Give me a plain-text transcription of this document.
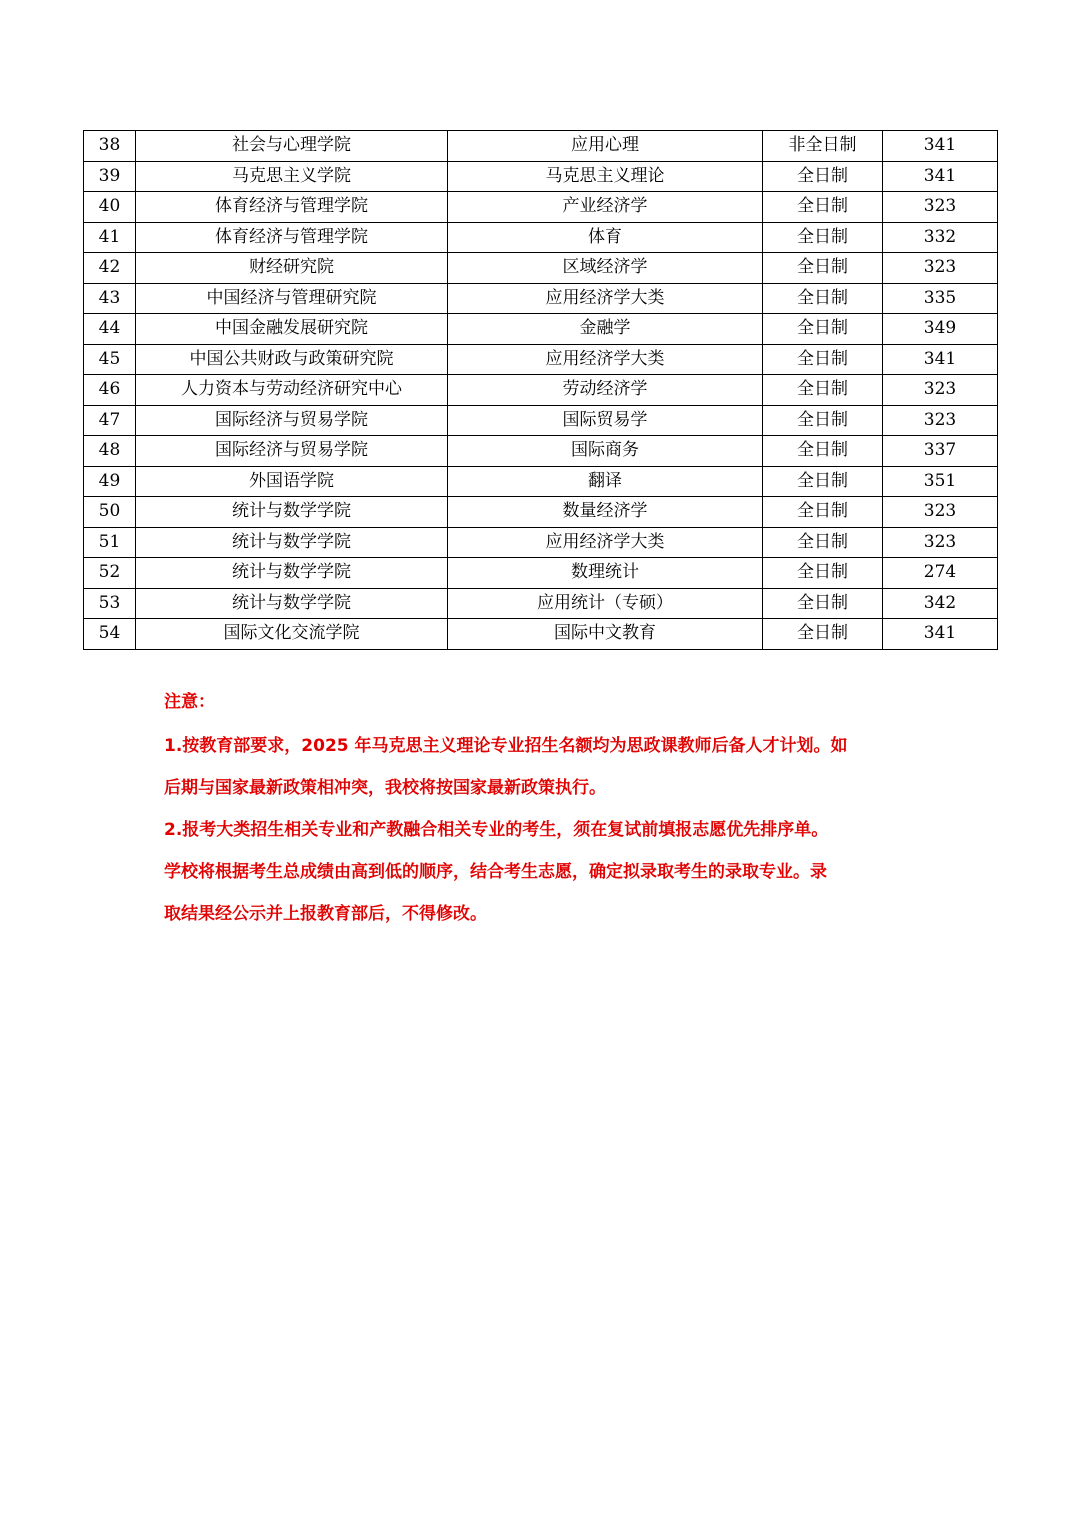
38	社会与心理学院	应用心理	非全日制	341
39	马克思主义学院	马克思主义理论	全日制	341
40	体育经济与管理学院	产业经济学	全日制	323
41	体育经济与管理学院	体育	全日制	332
42	财经研究院	区域经济学	全日制	323
43	中国经济与管理研究院	应用经济学大类	全日制	335
44	中国金融发展研究院	金融学	全日制	349
45	中国公共财政与政策研究院	应用经济学大类	全日制	341
46	人力资本与劳动经济研究中心	劳动经济学	全日制	323
47	国际经济与贸易学院	国际贸易学	全日制	323
48	国际经济与贸易学院	国际商务	全日制	337
49	外国语学院	翻译	全日制	351
50	统计与数学学院	数量经济学	全日制	323
51	统计与数学学院	应用经济学大类	全日制	323
52	统计与数学学院	数理统计	全日制	274
53	统计与数学学院	应用统计（专硕）	全日制	342
54	国际文化交流学院	国际中文教育	全日制	341
注意：
1.按教育部要求，2025 年马克思主义理论专业招生名额均为思政课教师后备人才计划。如
后期与国家最新政策相冲突，我校将按国家最新政策执行。
2.报考大类招生相关专业和产教融合相关专业的考生，须在复试前填报志愿优先排序单。
学校将根据考生总成绩由高到低的顺序，结合考生志愿，确定拟录取考生的录取专业。录
取结果经公示并上报教育部后，不得修改。
